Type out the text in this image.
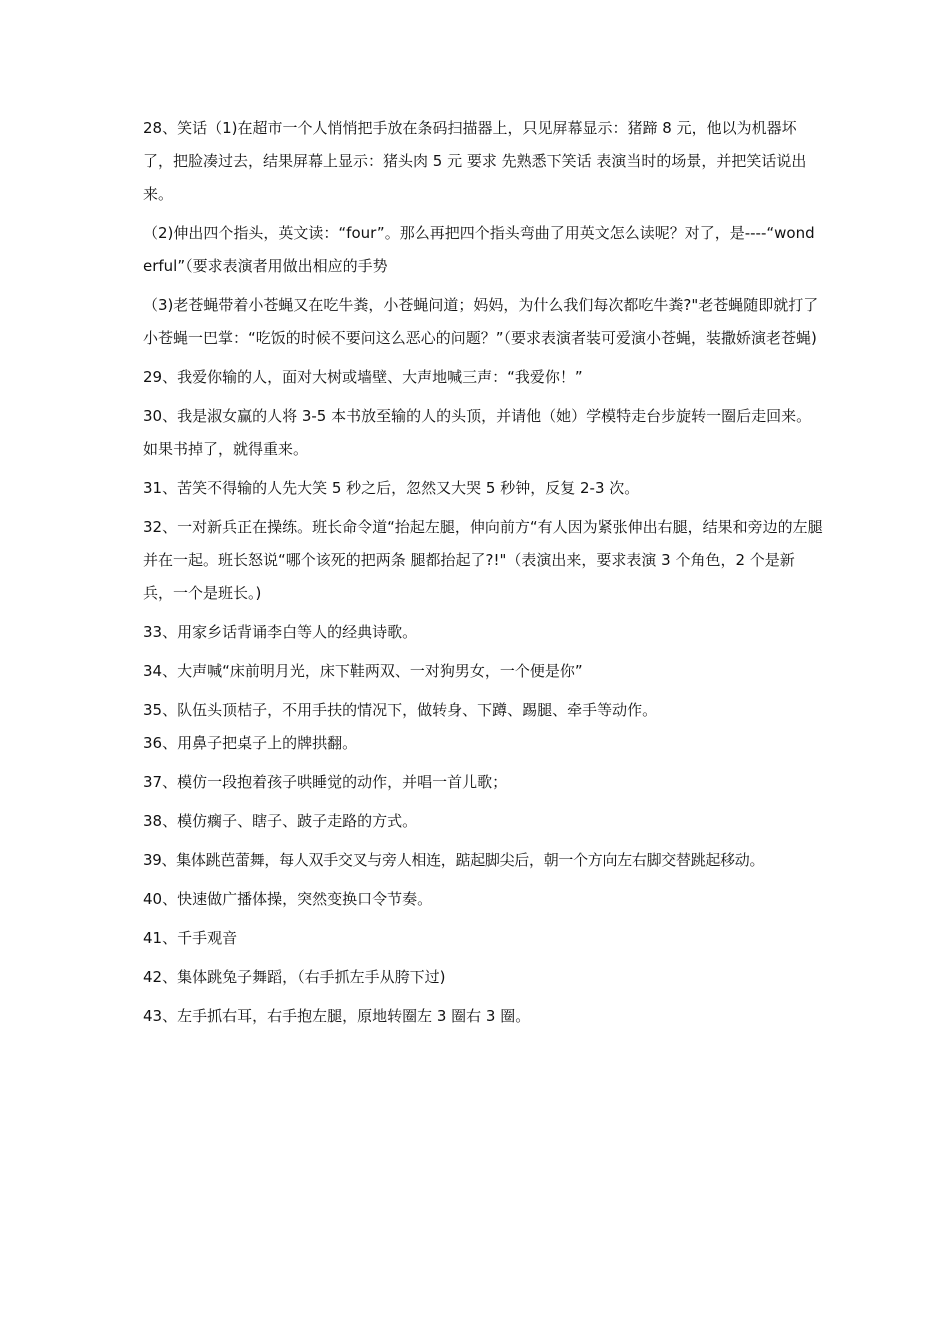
28、笑话（1)在超市一个人悄悄把手放在条码扫描器上，只见屏幕显示：猪蹄 8 元，他以为机器坏了，把脸凑过去，结果屏幕上显示：猪头肉 5 元 要求 先熟悉下笑话 表演当时的场景，并把笑话说出来。

（2)伸出四个指头，英文读：“four”。那么再把四个指头弯曲了用英文怎么读呢？对了，是----“wonderful”（要求表演者用做出相应的手势

（3)老苍蝇带着小苍蝇又在吃牛粪，小苍蝇问道；妈妈，为什么我们每次都吃牛粪?"老苍蝇随即就打了小苍蝇一巴掌：“吃饭的时候不要问这么恶心的问题？”（要求表演者装可爱演小苍蝇，装撒娇演老苍蝇)

29、我爱你输的人，面对大树或墙壁、大声地喊三声：“我爱你！”

30、我是淑女赢的人将 3-5 本书放至输的人的头顶，并请他（她）学模特走台步旋转一圈后走回来。如果书掉了，就得重来。

31、苦笑不得输的人先大笑 5 秒之后，忽然又大哭 5 秒钟，反复 2-3 次。

32、一对新兵正在操练。班长命令道“抬起左腿，伸向前方“有人因为紧张伸出右腿，结果和旁边的左腿并在一起。班长怒说“哪个该死的把两条 腿都抬起了?!"（表演出来，要求表演 3 个角色，2 个是新兵，一个是班长。)

33、用家乡话背诵李白等人的经典诗歌。

34、大声喊“床前明月光，床下鞋两双、一对狗男女，一个便是你”

35、队伍头顶桔子，不用手扶的情况下，做转身、下蹲、踢腿、牵手等动作。

36、用鼻子把桌子上的牌拱翻。

37、模仿一段抱着孩子哄睡觉的动作，并唱一首儿歌；

38、模仿瘸子、瞎子、跛子走路的方式。

39、集体跳芭蕾舞，每人双手交叉与旁人相连，踮起脚尖后，朝一个方向左右脚交替跳起移动。

40、快速做广播体操，突然变换口令节奏。

41、千手观音

42、集体跳兔子舞蹈，（右手抓左手从胯下过)

43、左手抓右耳，右手抱左腿，原地转圈左 3 圈右 3 圈。
